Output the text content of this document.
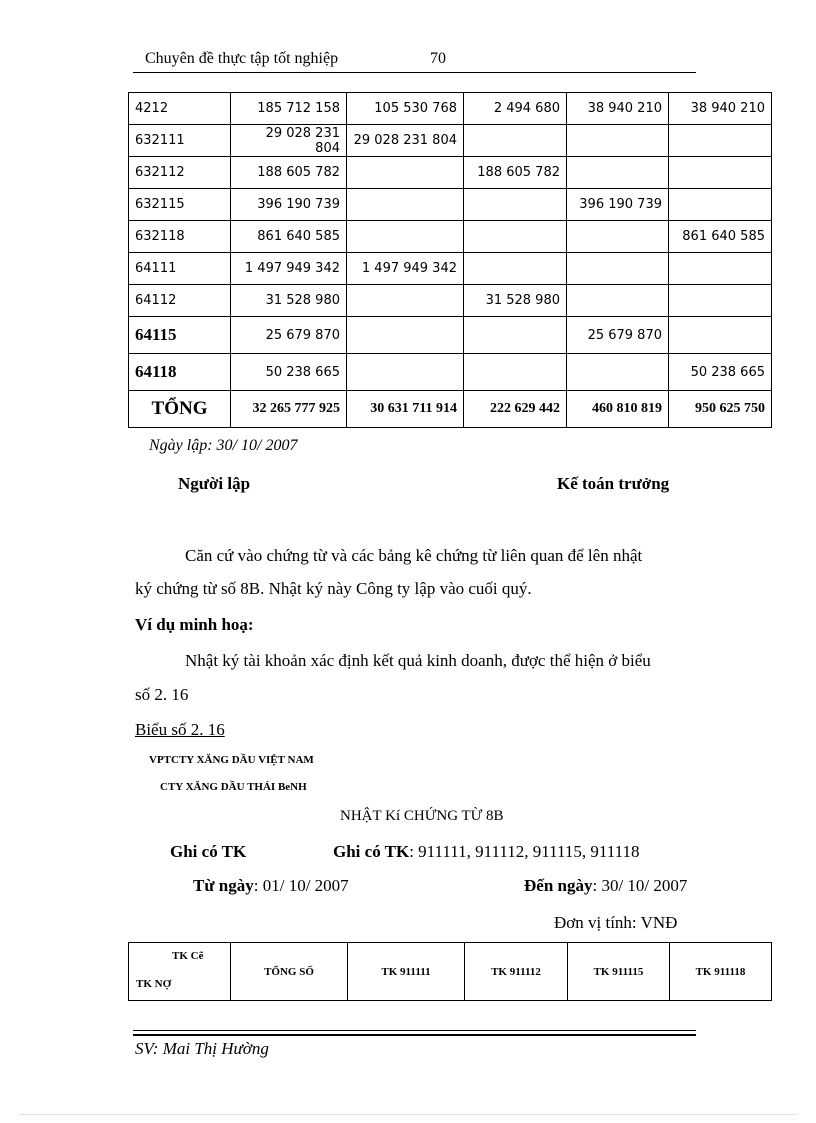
Chuyên đề thực tập tốt nghiệp	70
4212	185 712 158	105 530 768	2 494 680	38 940 210	38 940 210
632111	29 028 231 804	29 028 231 804			
632112	188 605 782		188 605 782		
632115	396 190 739			396 190 739	
632118	861 640 585				861 640 585
64111	1 497 949 342	1 497 949 342			
64112	31 528 980		31 528 980		
64115	25 679 870			25 679 870	
64118	50 238 665				50 238 665
TỔNG	32 265 777 925	30 631 711 914	222 629 442	460 810 819	950 625 750
Ngày lập: 30/ 10/ 2007
Người lập	Kế toán trưởng
Căn cứ vào chứng từ và các bảng kê chứng từ liên quan để lên nhật
ký chứng từ số 8B. Nhật ký này Công ty lập vào cuối quý.
Ví dụ minh hoạ:
Nhật ký tài khoản xác định kết quả kinh doanh, được thể hiện ở biểu
số 2. 16
Biểu số 2. 16
VPTCTY XĂNG DẦU VIỆT NAM
CTY XĂNG DẦU THÁI BeNH
NHẬT Kí CHỨNG TỪ 8B
Ghi có TK	Ghi có TK: 911111, 911112, 911115, 911118
Từ ngày: 01/ 10/ 2007	Đến ngày: 30/ 10/ 2007
Đơn vị tính: VNĐ
TK Cẽ
TK NỢ
	TỔNG SỐ	TK 911111	TK 911112	TK 911115	TK 911118
SV: Mai Thị Hường
